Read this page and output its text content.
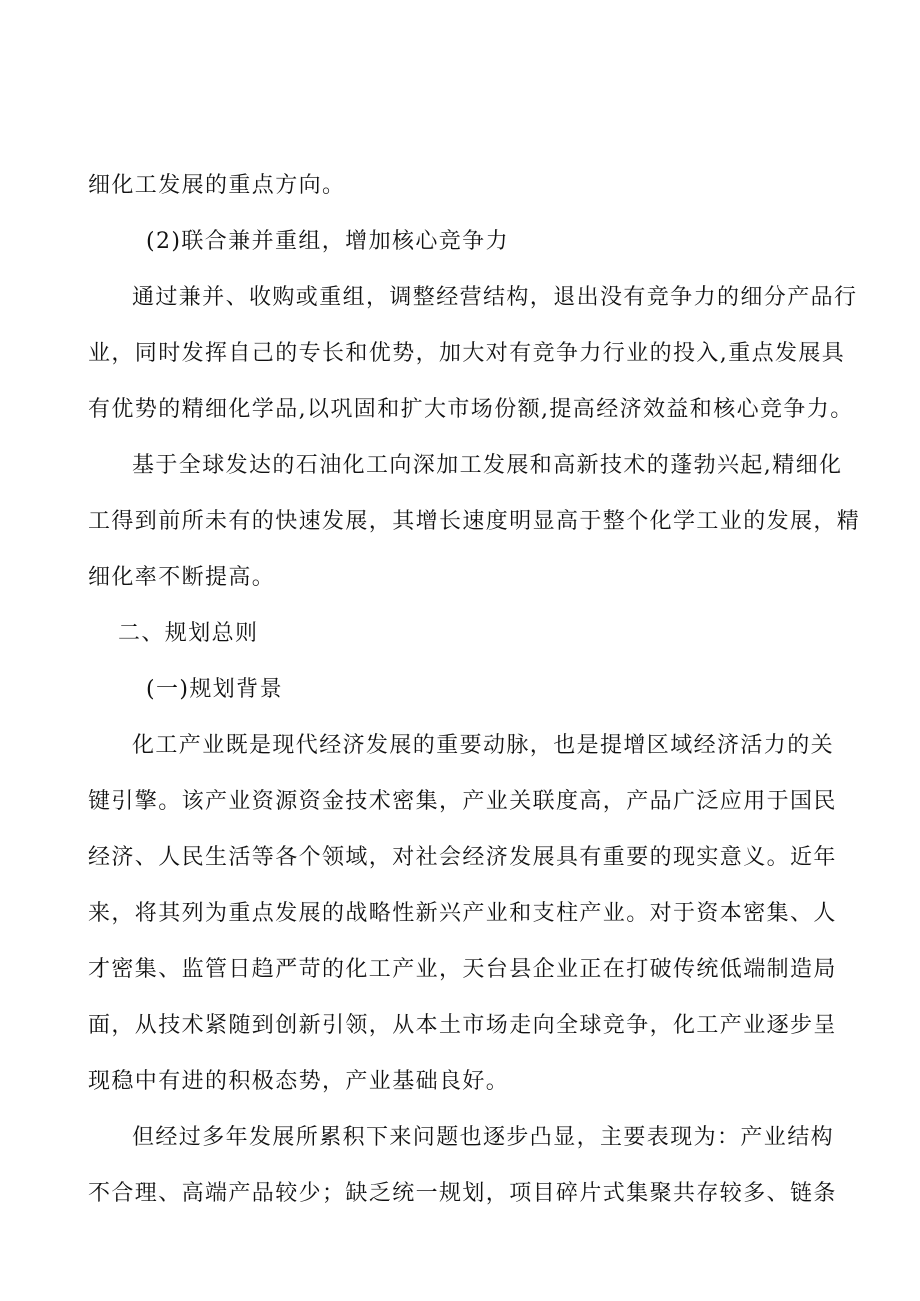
细化工发展的重点方向。
(2)联合兼并重组，增加核心竞争力
通过兼并、收购或重组，调整经营结构，退出没有竞争力的细分产品行
业，同时发挥自己的专长和优势，加大对有竞争力行业的投入,重点发展具
有优势的精细化学品,以巩固和扩大市场份额,提高经济效益和核心竞争力。
基于全球发达的石油化工向深加工发展和高新技术的蓬勃兴起,精细化
工得到前所未有的快速发展，其增长速度明显高于整个化学工业的发展，精
细化率不断提高。
二、规划总则
(一)规划背景
化工产业既是现代经济发展的重要动脉，也是提增区域经济活力的关
键引擎。该产业资源资金技术密集，产业关联度高，产品广泛应用于国民
经济、人民生活等各个领域，对社会经济发展具有重要的现实意义。近年
来，将其列为重点发展的战略性新兴产业和支柱产业。对于资本密集、人
才密集、监管日趋严苛的化工产业，天台县企业正在打破传统低端制造局
面，从技术紧随到创新引领，从本土市场走向全球竞争，化工产业逐步呈
现稳中有进的积极态势，产业基础良好。
但经过多年发展所累积下来问题也逐步凸显，主要表现为：产业结构
不合理、高端产品较少；缺乏统一规划，项目碎片式集聚共存较多、链条
